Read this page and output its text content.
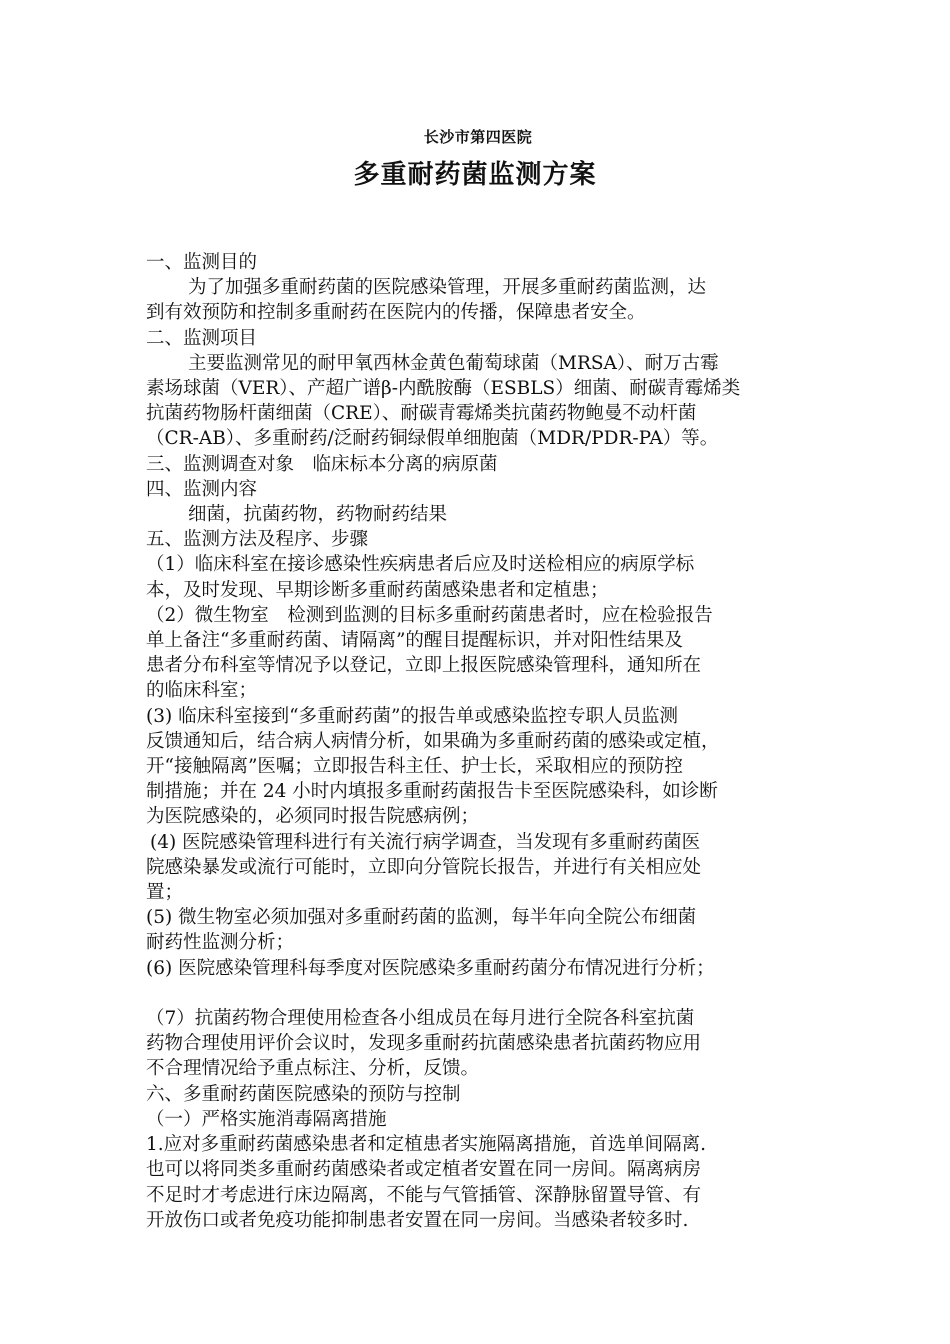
长沙市第四医院
多重耐药菌监测方案

一、监测目的

为了加强多重耐药菌的医院感染管理，开展多重耐药菌监测，达

到有效预防和控制多重耐药在医院内的传播，保障患者安全。

二、监测项目

主要监测常见的耐甲氧西林金黄色葡萄球菌（MRSA）、耐万古霉

素场球菌（VER）、产超广谱β-内酰胺酶（ESBLS）细菌、耐碳青霉烯类

抗菌药物肠杆菌细菌（CRE）、耐碳青霉烯类抗菌药物鲍曼不动杆菌

（CR-AB）、多重耐药/泛耐药铜绿假单细胞菌（MDR/PDR-PA）等。

三、监测调查对象　临床标本分离的病原菌

四、监测内容

细菌，抗菌药物，药物耐药结果

五、监测方法及程序、步骤

（1）临床科室在接诊感染性疾病患者后应及时送检相应的病原学标

本，及时发现、早期诊断多重耐药菌感染患者和定植患；

（2）微生物室　检测到监测的目标多重耐药菌患者时，应在检验报告

单上备注“多重耐药菌、请隔离”的醒目提醒标识，并对阳性结果及

患者分布科室等情况予以登记，立即上报医院感染管理科，通知所在

的临床科室；

(3) 临床科室接到“多重耐药菌”的报告单或感染监控专职人员监测

反馈通知后，结合病人病情分析，如果确为多重耐药菌的感染或定植，

开“接触隔离”医嘱；立即报告科主任、护士长，采取相应的预防控

制措施；并在 24 小时内填报多重耐药菌报告卡至医院感染科，如诊断

为医院感染的，必须同时报告院感病例；

(4) 医院感染管理科进行有关流行病学调查，当发现有多重耐药菌医

院感染暴发或流行可能时，立即向分管院长报告，并进行有关相应处

置；

(5) 微生物室必须加强对多重耐药菌的监测，每半年向全院公布细菌

耐药性监测分析；

(6) 医院感染管理科每季度对医院感染多重耐药菌分布情况进行分析；

（7）抗菌药物合理使用检查各小组成员在每月进行全院各科室抗菌

药物合理使用评价会议时，发现多重耐药抗菌感染患者抗菌药物应用

不合理情况给予重点标注、分析，反馈。

六、多重耐药菌医院感染的预防与控制

（一）严格实施消毒隔离措施

1.应对多重耐药菌感染患者和定植患者实施隔离措施，首选单间隔离.

也可以将同类多重耐药菌感染者或定植者安置在同一房间。隔离病房

不足时才考虑进行床边隔离，不能与气管插管、深静脉留置导管、有

开放伤口或者免疫功能抑制患者安置在同一房间。当感染者较多时.
